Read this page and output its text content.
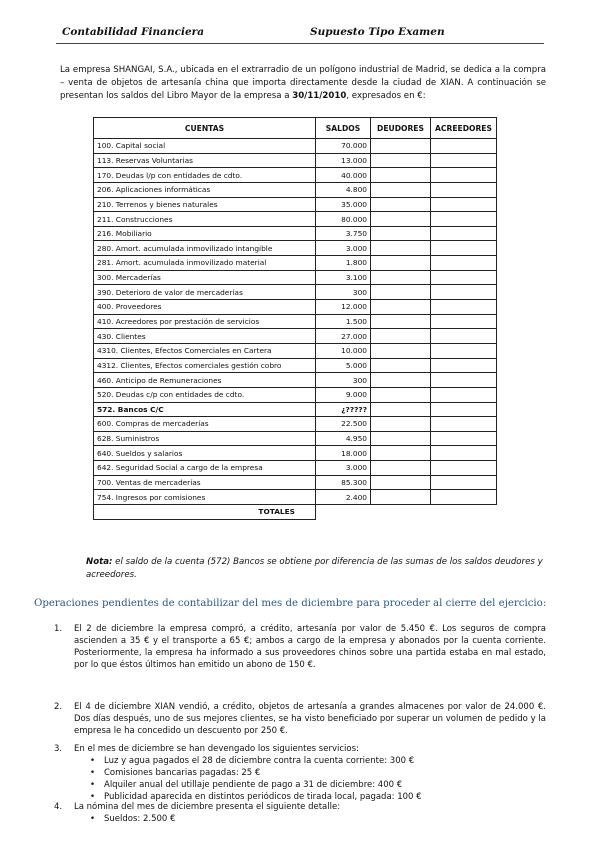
Contabilidad Financiera	Supuesto Tipo Examen

La empresa SHANGAI, S.A., ubicada en el extrarradio de un polígono industrial de Madrid, se dedica a la compra – venta de objetos de artesanía china que importa directamente desde la ciudad de XIAN. A continuación se presentan los saldos del Libro Mayor de la empresa a 30/11/2010, expresados en €:

CUENTAS	SALDOS	DEUDORES	ACREEDORES
100. Capital social	70.000		
113. Reservas Voluntarias	13.000		
170. Deudas l/p con entidades de cdto.	40.000		
206. Aplicaciones informáticas	4.800		
210. Terrenos y bienes naturales	35.000		
211. Construcciones	80.000		
216. Mobiliario	3.750		
280. Amort. acumulada inmovilizado intangible	3.000		
281. Amort. acumulada inmovilizado material	1.800		
300. Mercaderías	3.100		
390. Deterioro de valor de mercaderías	300		
400. Proveedores	12.000		
410. Acreedores por prestación de servicios	1.500		
430. Clientes	27.000		
4310. Clientes, Efectos Comerciales en Cartera	10.000		
4312. Clientes, Efectos comerciales gestión cobro	5.000		
460. Anticipo de Remuneraciones	300		
520. Deudas c/p con entidades de cdto.	9.000		
572. Bancos C/C	¿?????		
600. Compras de mercaderías	22.500		
628. Suministros	4.950		
640. Sueldos y salarios	18.000		
642. Seguridad Social a cargo de la empresa	3.000		
700. Ventas de mercaderías	85.300		
754. Ingresos por comisiones	2.400		
TOTALES			

Nota: el saldo de la cuenta (572) Bancos se obtiene por diferencia de las sumas de los saldos deudores y acreedores.

Operaciones pendientes de contabilizar del mes de diciembre para proceder al cierre del ejercicio:
1. El 2 de diciembre la empresa compró, a crédito, artesanía por valor de 5.450 €. Los seguros de compra ascienden a 35 € y el transporte a 65 €; ambos a cargo de la empresa y abonados por la cuenta corriente. Posteriormente, la empresa ha informado a sus proveedores chinos sobre una partida estaba en mal estado, por lo que éstos últimos han emitido un abono de 150 €.
2. El 4 de diciembre XIAN vendió, a crédito, objetos de artesanía a grandes almacenes por valor de 24.000 €. Dos días después, uno de sus mejores clientes, se ha visto beneficiado por superar un volumen de pedido y la empresa le ha concedido un descuento por 250 €.
3. En el mes de diciembre se han devengado los siguientes servicios:
• Luz y agua pagados el 28 de diciembre contra la cuenta corriente: 300 €
• Comisiones bancarias pagadas: 25 €
• Alquiler anual del utillaje pendiente de pago a 31 de diciembre: 400 €
• Publicidad aparecida en distintos periódicos de tirada local, pagada: 100 €
4. La nómina del mes de diciembre presenta el siguiente detalle:
• Sueldos: 2.500 €
